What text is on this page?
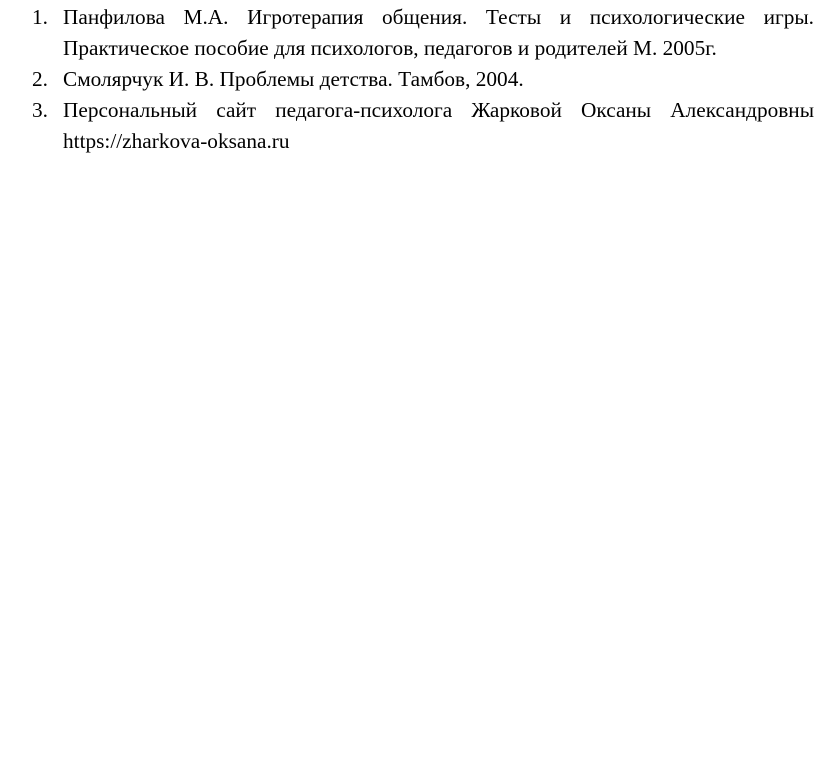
1. Панфилова М.А. Игротерапия общения. Тесты и психологические игры. Практическое пособие для психологов, педагогов и родителей М. 2005г.
2. Смолярчук И. В. Проблемы детства. Тамбов, 2004.
3. Персональный сайт педагога-психолога Жарковой Оксаны Александровны https://zharkova-oksana.ru
